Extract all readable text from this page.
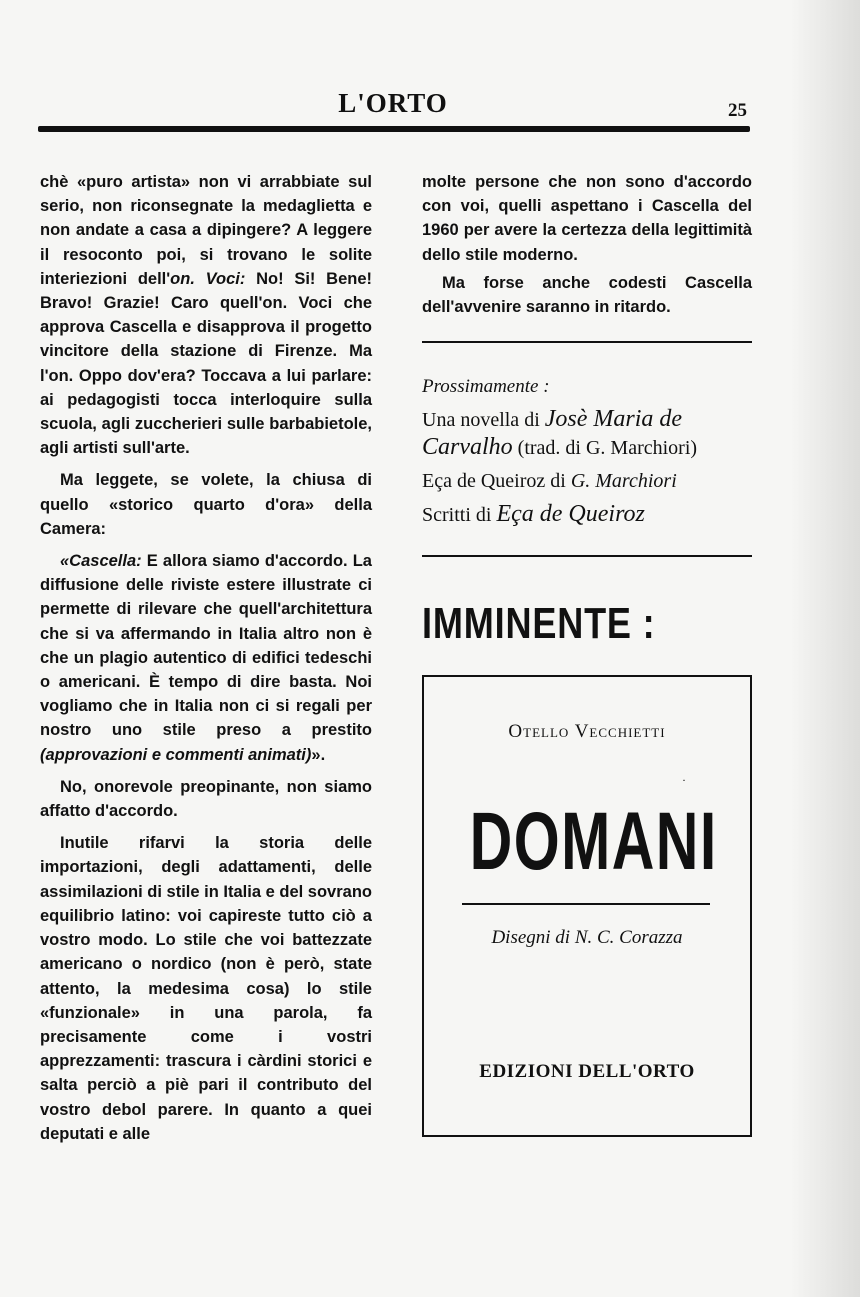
L'ORTO	25

chè «puro artista» non vi arrabbiate sul serio, non riconsegnate la medaglietta e non andate a casa a dipingere? A leggere il resoconto poi, si trovano le solite interiezioni dell'on. Voci: No! Si! Bene! Bravo! Grazie! Caro quell'on. Voci che approva Cascella e disapprova il progetto vincitore della stazione di Firenze. Ma l'on. Oppo dov'era? Toccava a lui parlare: ai pedagogisti tocca interloquire sulla scuola, agli zuccherieri sulle barbabietole, agli artisti sull'arte.

Ma leggete, se volete, la chiusa di quello «storico quarto d'ora» della Camera:

«Cascella: E allora siamo d'accordo. La diffusione delle riviste estere illustrate ci permette di rilevare che quell'architettura che si va affermando in Italia altro non è che un plagio autentico di edifici tedeschi o americani. È tempo di dire basta. Noi vogliamo che in Italia non ci si regali per nostro uno stile preso a prestito (approvazioni e commenti animati)».

No, onorevole preopinante, non siamo affatto d'accordo.

Inutile rifarvi la storia delle importazioni, degli adattamenti, delle assimilazioni di stile in Italia e del sovrano equilibrio latino: voi capireste tutto ciò a vostro modo. Lo stile che voi battezzate americano o nordico (non è però, state attento, la medesima cosa) lo stile «funzionale» in una parola, fa precisamente come i vostri apprezzamenti: trascura i càrdini storici e salta perciò a piè pari il contributo del vostro debol parere. In quanto a quei deputati e alle

molte persone che non sono d'accordo con voi, quelli aspettano i Cascella del 1960 per avere la certezza della legittimità dello stile moderno.

Ma forse anche codesti Cascella dell'avvenire saranno in ritardo.

Prossimamente :

Una novella di Josè Maria de Carvalho (trad. di G. Marchiori)

Eça de Queiroz di G. Marchiori

Scritti di Eça de Queiroz

IMMINENTE :
Otello Vecchietti
·
DOMANI
Disegni di N. C. Corazza
EDIZIONI DELL'ORTO
